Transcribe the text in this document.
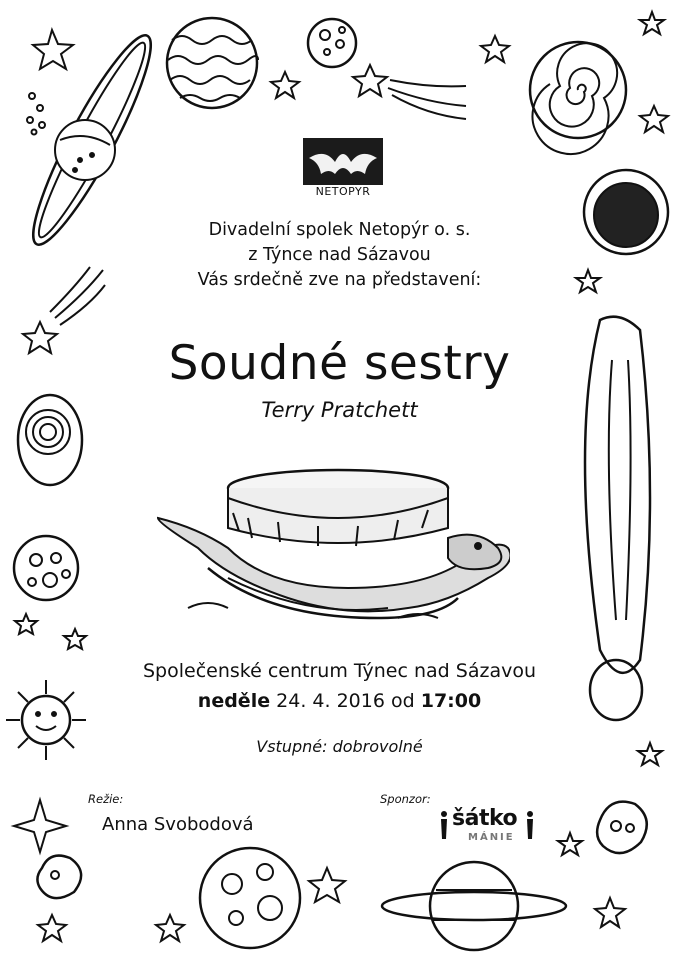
NETOPYR
Divadelní spolek Netopýr o. s.
z Týnce nad Sázavou
Vás srdečně zve na představení:
Soudné sestry
Terry Pratchett
Společenské centrum Týnec nad Sázavou
neděle 24. 4. 2016 od 17:00
Vstupné: dobrovolné
Režie:
Anna Svobodová
Sponzor:
šátko
MÁNIE
